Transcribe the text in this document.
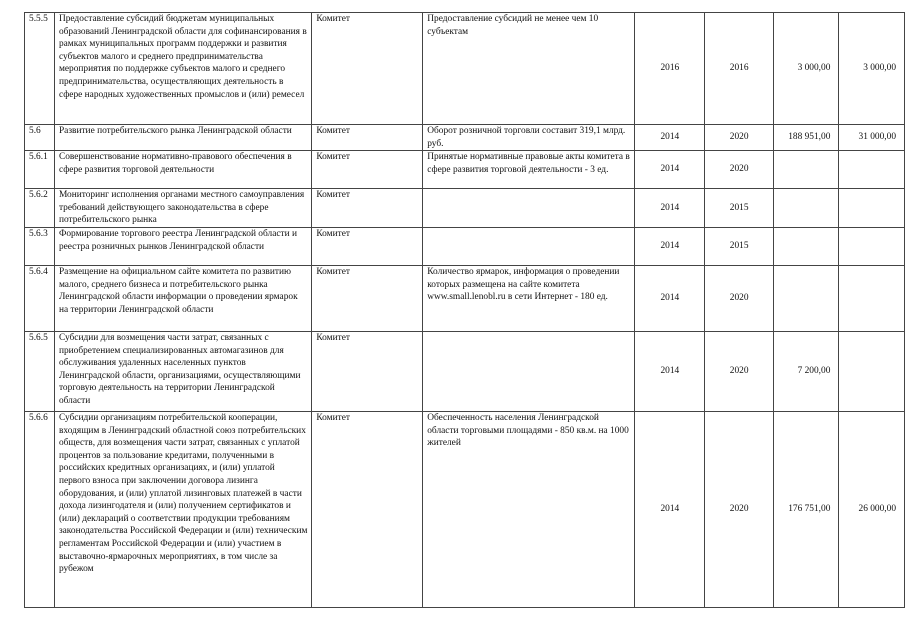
5.5.5	Предоставление субсидий бюджетам муниципальных образований Ленинградской области для софинансирования в рамках муниципальных программ поддержки и развития субъектов малого и среднего предпринимательства мероприятия по поддержке субъектов малого и среднего предпринимательства, осуществляющих деятельность в сфере народных художественных промыслов и (или) ремесел	Комитет	Предоставление субсидий не менее чем 10 субъектам	2016	2016	3 000,00	3 000,00
5.6	Развитие потребительского рынка Ленинградской области	Комитет	Оборот розничной торговли составит 319,1 млрд. руб.	2014	2020	188 951,00	31 000,00
5.6.1	Совершенствование нормативно-правового обеспечения в сфере развития торговой деятельности	Комитет	Принятые нормативные правовые акты комитета в сфере развития торговой деятельности - 3 ед.	2014	2020		
5.6.2	Мониторинг исполнения органами местного самоуправления требований действующего законодательства в сфере потребительского рынка	Комитет		2014	2015		
5.6.3	Формирование торгового реестра Ленинградской области и реестра розничных рынков Ленинградской области	Комитет		2014	2015		
5.6.4	Размещение на официальном сайте комитета по развитию малого, среднего бизнеса и потребительского рынка Ленинградской области информации о проведении ярмарок на территории Ленинградской области	Комитет	Количество ярмарок, информация о проведении которых размещена на сайте комитета www.small.lenobl.ru в сети Интернет - 180 ед.	2014	2020		
5.6.5	Субсидии для возмещения части затрат, связанных с приобретением специализированных автомагазинов для обслуживания удаленных населенных пунктов Ленинградской области, организациями, осуществляющими торговую деятельность на территории Ленинградской области	Комитет		2014	2020	7 200,00	
5.6.6	Субсидии организациям потребительской кооперации, входящим в Ленинградский областной союз потребительских обществ, для возмещения части затрат, связанных с уплатой процентов за пользование кредитами, полученными в российских кредитных организациях, и (или) уплатой первого взноса при заключении договора лизинга оборудования, и (или) уплатой лизинговых платежей в части дохода лизингодателя и (или) получением сертификатов и (или) деклараций о соответствии продукции требованиям законодательства Российской Федерации и (или) техническим регламентам Российской Федерации и (или) участием в выставочно-ярмарочных мероприятиях, в том числе за рубежом	Комитет	Обеспеченность населения Ленинградской области торговыми площадями - 850 кв.м. на 1000 жителей	2014	2020	176 751,00	26 000,00
